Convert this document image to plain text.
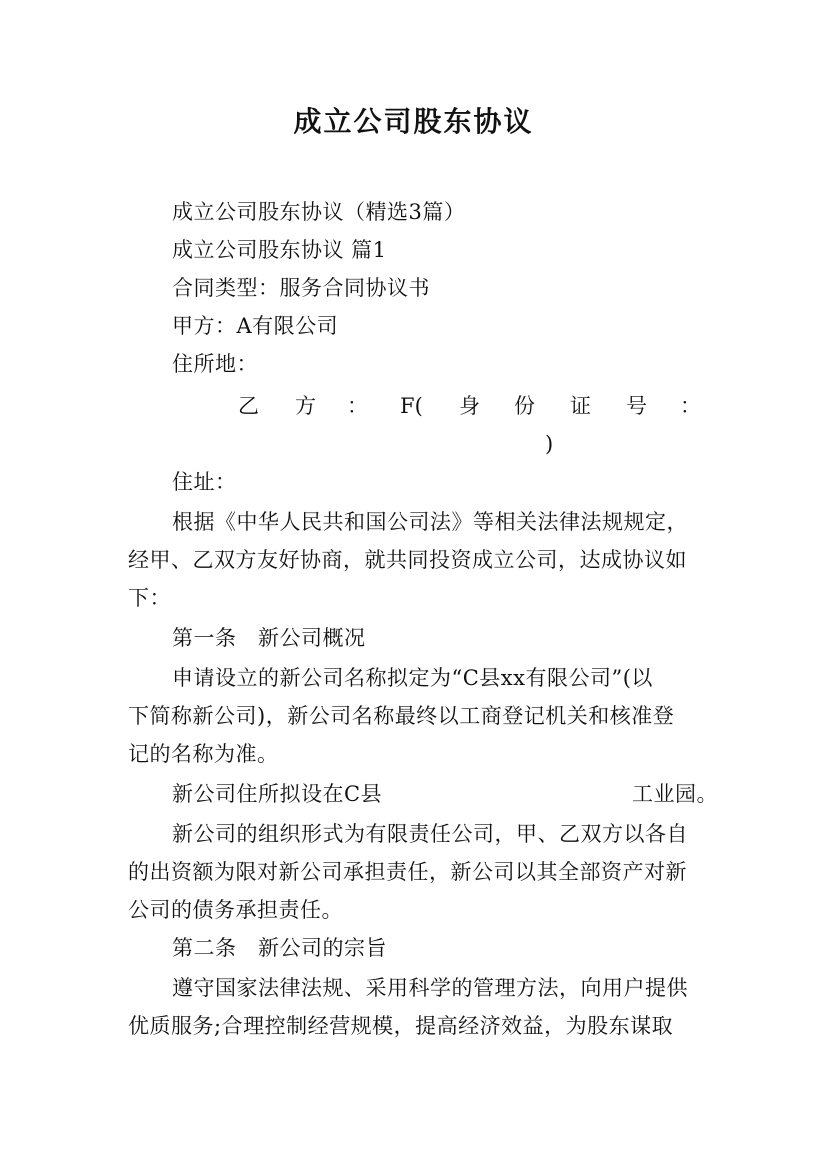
成立公司股东协议
成立公司股东协议（精选3篇）
成立公司股东协议 篇1
合同类型：服务合同协议书
甲方：A有限公司
住所地：
乙 方 ： F( 身 份 证 号 ：
)
住址：
根据《中华人民共和国公司法》等相关法律法规规定，
经甲、乙双方友好协商，就共同投资成立公司，达成协议如
下：
第一条　新公司概况
申请设立的新公司名称拟定为“C县xx有限公司”(以
下简称新公司)，新公司名称最终以工商登记机关和核准登
记的名称为准。
新公司住所拟设在C县	工业园。
新公司的组织形式为有限责任公司，甲、乙双方以各自
的出资额为限对新公司承担责任，新公司以其全部资产对新
公司的债务承担责任。
第二条　新公司的宗旨
遵守国家法律法规、采用科学的管理方法，向用户提供
优质服务;合理控制经营规模，提高经济效益，为股东谋取
